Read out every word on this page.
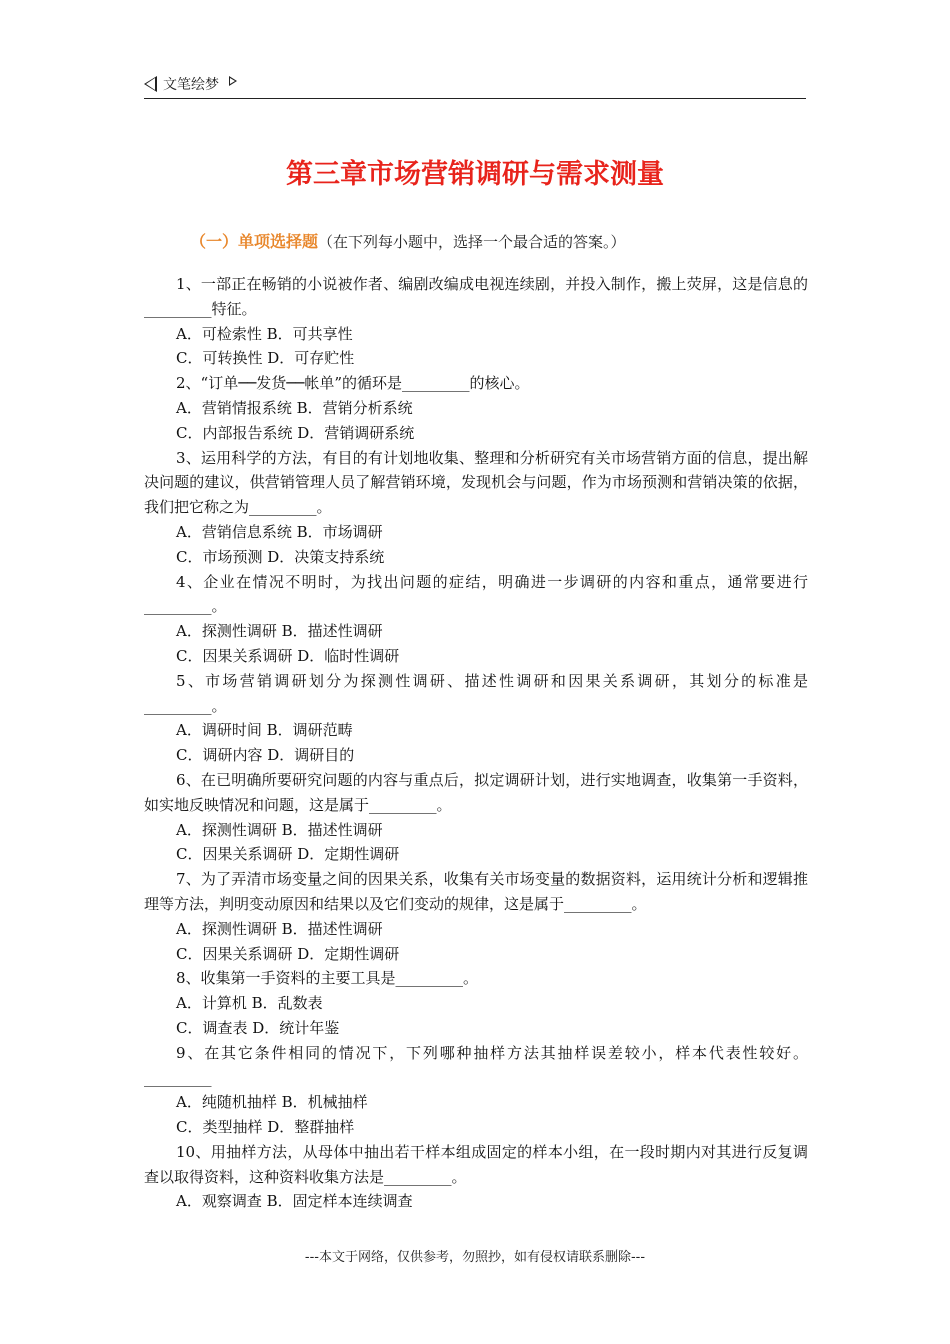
文笔绘梦
第三章市场营销调研与需求测量
（一）单项选择题（在下列每小题中，选择一个最合适的答案。）

1、一部正在畅销的小说被作者、编剧改编成电视连续剧，并投入制作，搬上荧屏，这是信息的_________特征。

A．可检索性 B．可共享性

C．可转换性 D．可存贮性

2、“订单──发货──帐单”的循环是_________的核心。

A．营销情报系统 B．营销分析系统

C．内部报告系统 D．营销调研系统

3、运用科学的方法，有目的有计划地收集、整理和分析研究有关市场营销方面的信息，提出解决问题的建议，供营销管理人员了解营销环境，发现机会与问题，作为市场预测和营销决策的依据，我们把它称之为_________。

A．营销信息系统 B．市场调研

C．市场预测 D．决策支持系统

4、企业在情况不明时，为找出问题的症结，明确进一步调研的内容和重点，通常要进行_________。

A．探测性调研 B．描述性调研

C．因果关系调研 D．临时性调研

5、市场营销调研划分为探测性调研、描述性调研和因果关系调研，其划分的标准是_________。

A．调研时间 B．调研范畴

C．调研内容 D．调研目的

6、在已明确所要研究问题的内容与重点后，拟定调研计划，进行实地调查，收集第一手资料，如实地反映情况和问题，这是属于_________。

A．探测性调研 B．描述性调研

C．因果关系调研 D．定期性调研

7、为了弄清市场变量之间的因果关系，收集有关市场变量的数据资料，运用统计分析和逻辑推理等方法，判明变动原因和结果以及它们变动的规律，这是属于_________。

A．探测性调研 B．描述性调研

C．因果关系调研 D．定期性调研

8、收集第一手资料的主要工具是_________。

A．计算机 B．乱数表

C．调查表 D．统计年鉴

9、在其它条件相同的情况下，下列哪种抽样方法其抽样误差较小，样本代表性较好。_________

A．纯随机抽样 B．机械抽样

C．类型抽样 D．整群抽样

10、用抽样方法，从母体中抽出若干样本组成固定的样本小组，在一段时期内对其进行反复调查以取得资料，这种资料收集方法是_________。

A．观察调查 B．固定样本连续调查

---本文于网络，仅供参考，勿照抄，如有侵权请联系删除---
